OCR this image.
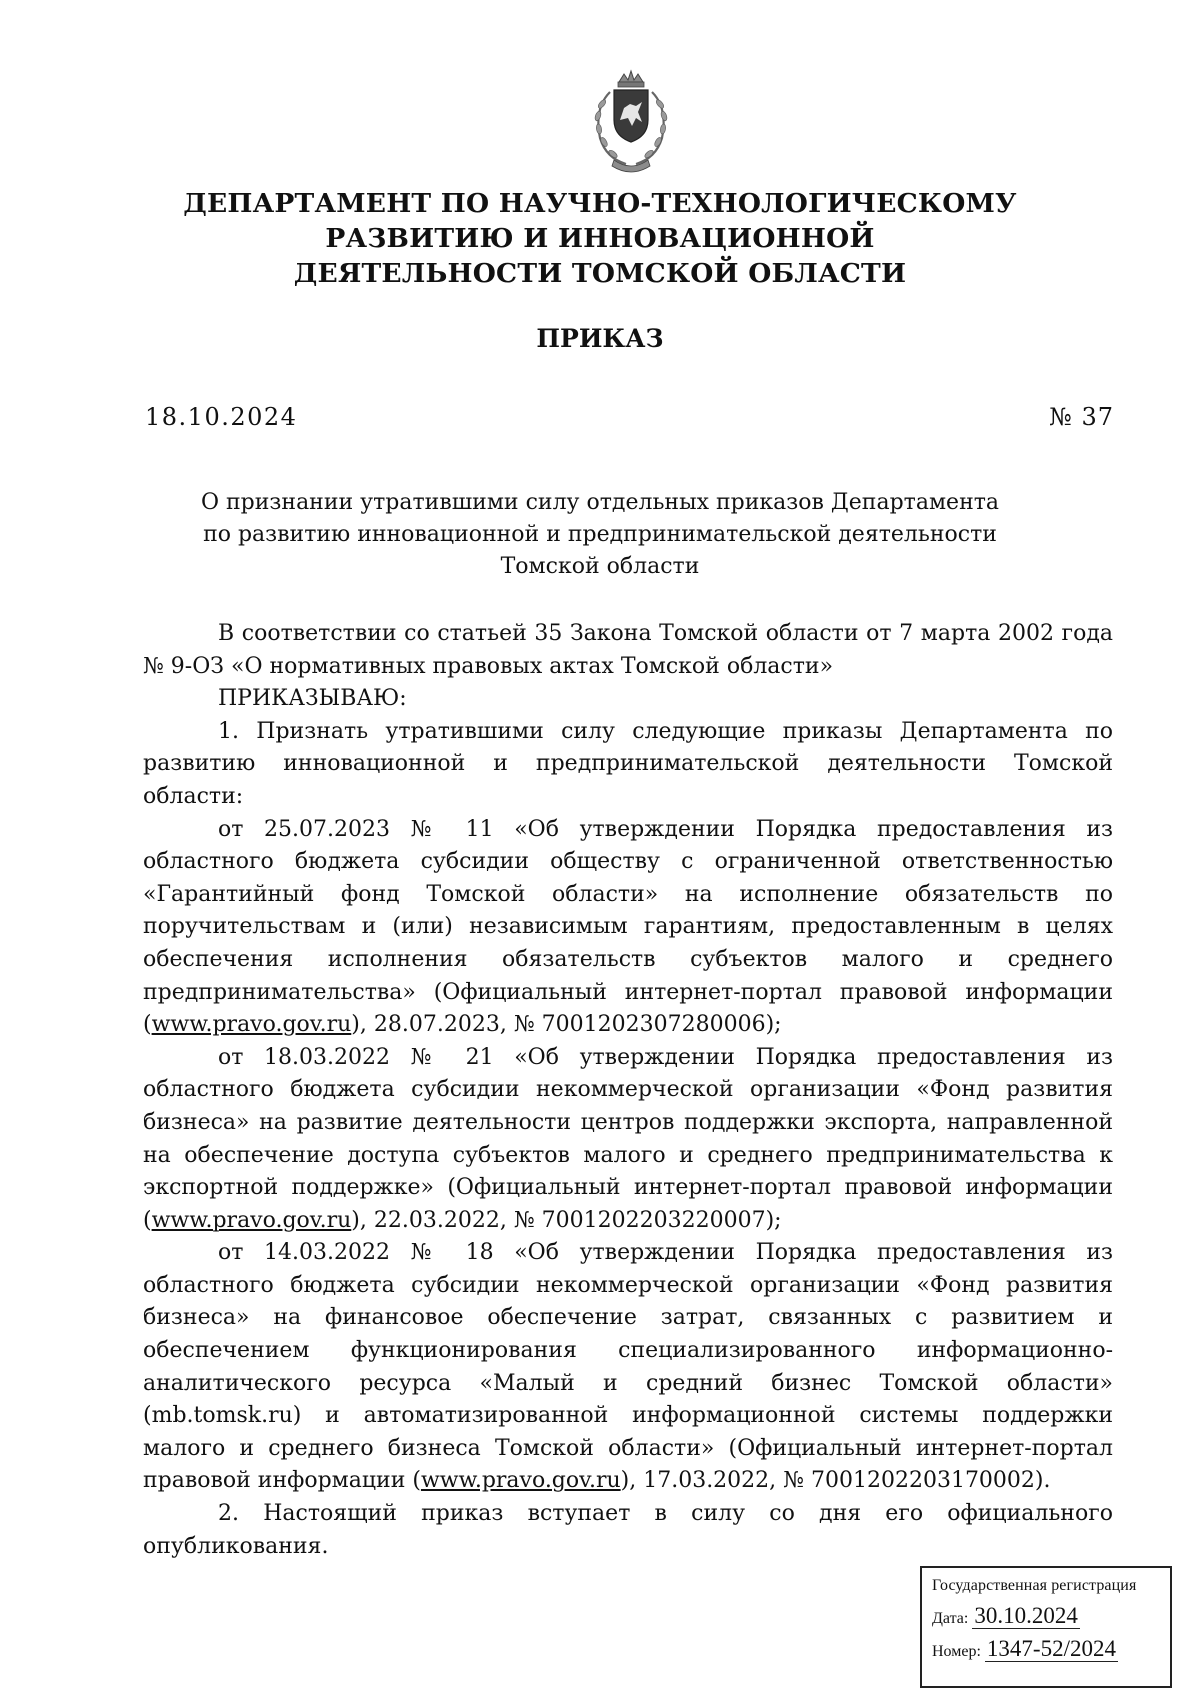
ДЕПАРТАМЕНТ ПО НАУЧНО-ТЕХНОЛОГИЧЕСКОМУ
РАЗВИТИЮ И ИННОВАЦИОННОЙ
ДЕЯТЕЛЬНОСТИ ТОМСКОЙ ОБЛАСТИ
ПРИКАЗ
18.10.2024	№ 37
О признании утратившими силу отдельных приказов Департамента
по развитию инновационной и предпринимательской деятельности
Томской области

В соответствии со статьей 35 Закона Томской области от 7 марта 2002 года № 9-ОЗ «О нормативных правовых актах Томской области»

ПРИКАЗЫВАЮ:

1. Признать утратившими силу следующие приказы Департамента по развитию инновационной и предпринимательской деятельности Томской области:

от 25.07.2023 № 11 «Об утверждении Порядка предоставления из областного бюджета субсидии обществу с ограниченной ответственностью «Гарантийный фонд Томской области» на исполнение обязательств по поручительствам и (или) независимым гарантиям, предоставленным в целях обеспечения исполнения обязательств субъектов малого и среднего предпринимательства» (Официальный интернет-портал правовой информации (www.pravo.gov.ru), 28.07.2023, № 7001202307280006);

от 18.03.2022 № 21 «Об утверждении Порядка предоставления из областного бюджета субсидии некоммерческой организации «Фонд развития бизнеса» на развитие деятельности центров поддержки экспорта, направленной на обеспечение доступа субъектов малого и среднего предпринимательства к экспортной поддержке» (Официальный интернет-портал правовой информации (www.pravo.gov.ru), 22.03.2022, № 7001202203220007);

от 14.03.2022 № 18 «Об утверждении Порядка предоставления из областного бюджета субсидии некоммерческой организации «Фонд развития бизнеса» на финансовое обеспечение затрат, связанных с развитием и обеспечением функционирования специализированного информационно-аналитического ресурса «Малый и средний бизнес Томской области» (mb.tomsk.ru) и автоматизированной информационной системы поддержки малого и среднего бизнеса Томской области» (Официальный интернет-портал правовой информации (www.pravo.gov.ru), 17.03.2022, № 7001202203170002).

2. Настоящий приказ вступает в силу со дня его официального опубликования.

Государственная регистрация
Дата: 30.10.2024
Номер: 1347-52/2024
